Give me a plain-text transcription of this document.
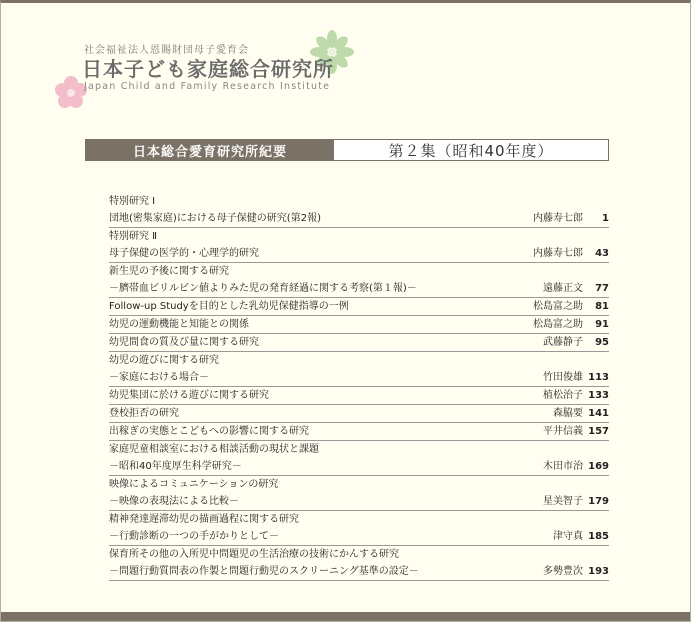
社会福祉法人恩賜財団母子愛育会
日本子ども家庭総合研究所
Japan Child and Family Research Institute
日本総合愛育研究所紀要	第２集（昭和40年度）
特別研究 Ⅰ
団地(密集家庭)における母子保健の研究(第2報)	内藤寿七郎 1
特別研究 Ⅱ
母子保健の医学的・心理学的研究	内藤寿七郎 43
新生児の予後に関する研究
－臍帯血ビリルビン値よりみた児の発育経過に関する考察(第１報)－	遠藤正文 77
Follow-up Studyを目的とした乳幼児保健指導の一例	松島富之助 81
幼児の運動機能と知能との関係	松島富之助 91
幼児間食の質及び量に関する研究	武藤静子 95
幼児の遊びに関する研究
－家庭における場合－	竹田俊雄 113
幼児集団に於ける遊びに関する研究	植松治子 133
登校拒否の研究	森脇要 141
出稼ぎの実態とこどもへの影響に関する研究	平井信義 157
家庭児童相談室における相談活動の現状と課題
－昭和40年度厚生科学研究－	木田市治 169
映像によるコミュニケーションの研究
－映像の表現法による比較－	星美智子 179
精神発達遅滞幼児の描画過程に関する研究
－行動診断の一つの手がかりとして－	津守真 185
保育所その他の入所児中問題児の生活治療の技術にかんする研究
－問題行動質問表の作製と問題行動児のスクリーニング基準の設定－	多勢豊次 193
